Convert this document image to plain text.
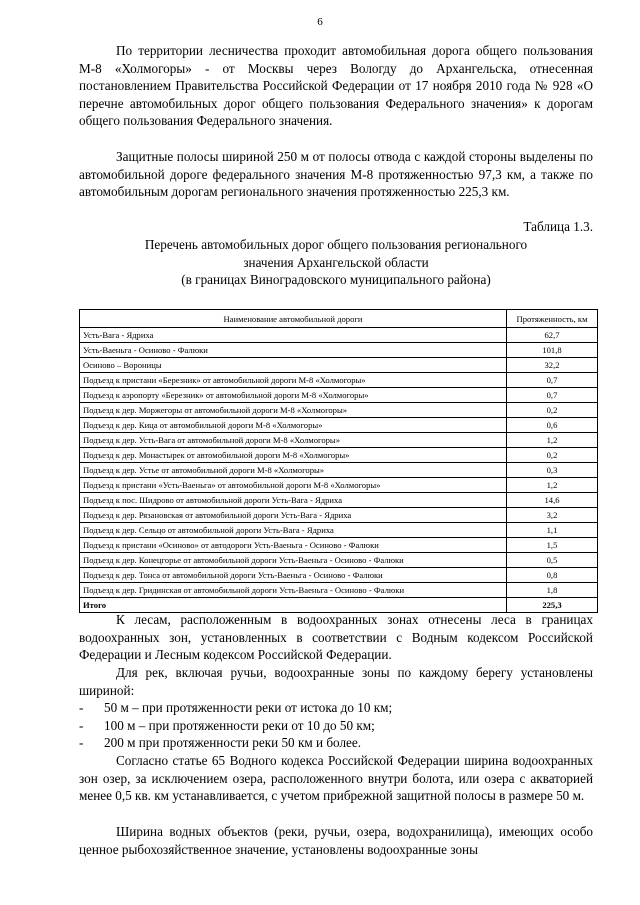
6

По территории лесничества проходит автомобильная дорога общего пользования М-8 «Холмогоры» - от Москвы через Вологду до Архангельска, отнесенная постановлением Правительства Российской Федерации от 17 ноября 2010 года № 928 «О перечне автомобильных дорог общего пользования Федерального значения» к дорогам общего пользования Федерального значения.

Защитные полосы шириной 250 м от полосы отвода с каждой стороны выделены по автомобильной дороге федерального значения М-8 протяженностью 97,3 км, а также по автомобильным дорогам регионального значения протяженностью 225,3 км.

Таблица 1.3.
Перечень автомобильных дорог общего пользования регионального
значения Архангельской области
(в границах Виноградовского муниципального района)
Наименование автомобильной дороги	Протяженность, км
Усть-Вага - Ядриха	62,7
Усть-Ваеньга - Осиново - Фалюки	101,8
Осиново – Вороницы	32,2
Подъезд к пристани «Березник» от автомобильной дороги М-8 «Холмогоры»	0,7
Подъезд к аэропорту «Березник» от автомобильной дороги М-8 «Холмогоры»	0,7
Подъезд к дер. Моржегоры от автомобильной дороги М-8 «Холмогоры»	0,2
Подъезд к дер. Кица от автомобильной дороги М-8 «Холмогоры»	0,6
Подъезд к дер. Усть-Вага от автомобильной дороги М-8 «Холмогоры»	1,2
Подъезд к дер. Монастырек от автомобильной дороги М-8 «Холмогоры»	0,2
Подъезд к дер. Устье от автомобильной дороги М-8 «Холмогоры»	0,3
Подъезд к пристани «Усть-Ваеньга» от автомобильной дороги М-8 «Холмогоры»	1,2
Подъезд к пос. Шидрово от автомобильной дороги Усть-Вага - Ядриха	14,6
Подъезд к дер. Рязановская от автомобильной дороги Усть-Вага - Ядриха	3,2
Подъезд к дер. Сельцо от автомобильной дороги Усть-Вага - Ядриха	1,1
Подъезд к пристани «Осиново» от автодороги Усть-Ваеньга - Осиново - Фалюки	1,5
Подъезд к дер. Конецгорье от автомобильной дороги Усть-Ваеньга - Осиново - Фалюки	0,5
Подъезд к дер. Тонса от автомобильной дороги Усть-Ваеньга - Осиново - Фалюки	0,8
Подъезд к дер. Гридинская от автомобильной дороги Усть-Ваеньга - Осиново - Фалюки	1,8
Итого	225,3

К лесам, расположенным в водоохранных зонах отнесены леса в границах водоохранных зон, установленных в соответствии с Водным кодексом Российской Федерации и Лесным кодексом Российской Федерации.

Для рек, включая ручьи, водоохранные зоны по каждому берегу установлены шириной:

- 50 м – при протяженности реки от истока до 10 км;
- 100 м – при протяженности реки от 10 до 50 км;
- 200 м при протяженности реки 50 км и более.

Согласно статье 65 Водного кодекса Российской Федерации ширина водоохранных зон озер, за исключением озера, расположенного внутри болота, или озера с акваторией менее 0,5 кв. км устанавливается, с учетом прибрежной защитной полосы в размере 50 м.

Ширина водных объектов (реки, ручьи, озера, водохранилища), имеющих особо ценное рыбохозяйственное значение, установлены водоохранные зоны
